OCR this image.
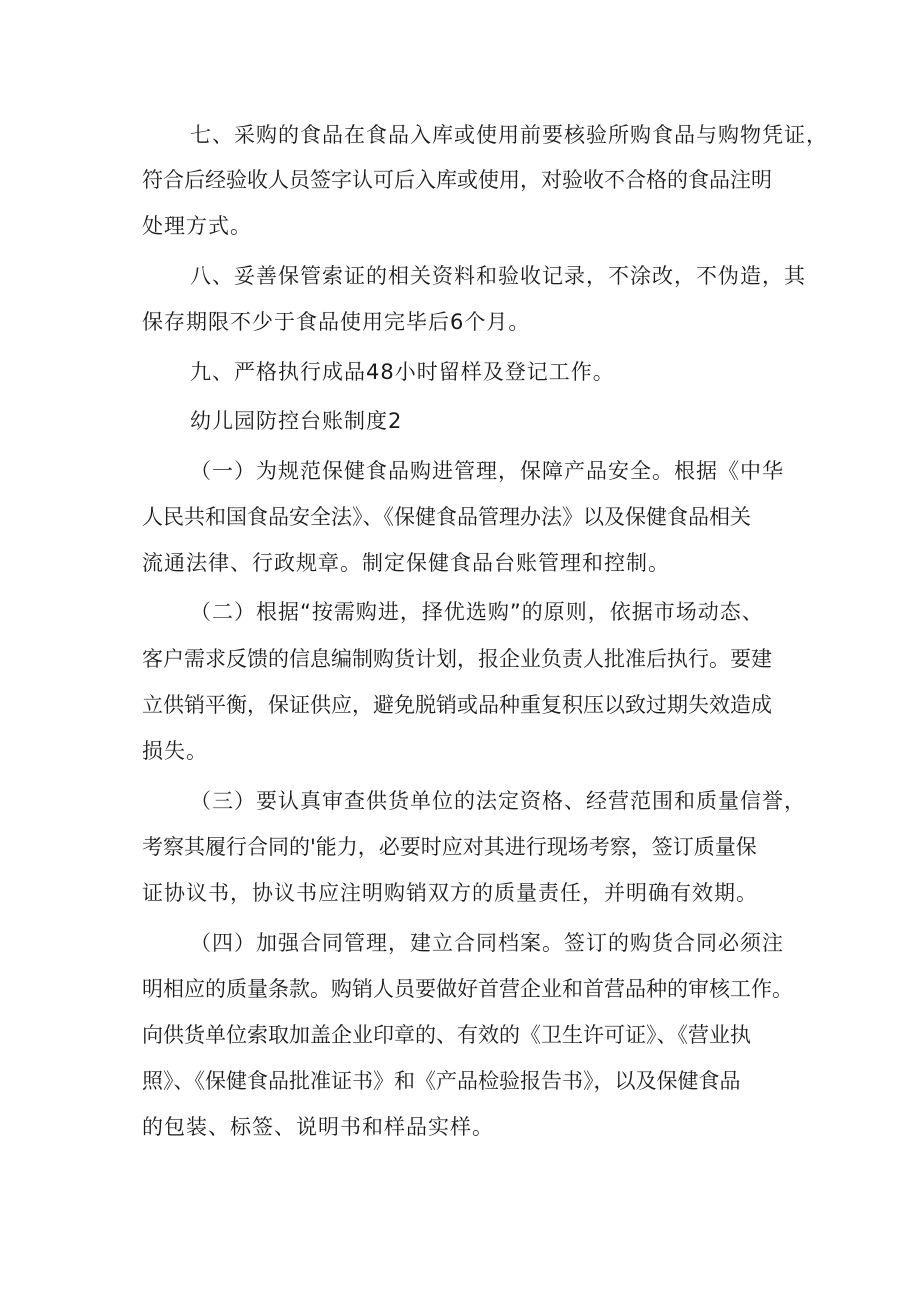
七、采购的食品在食品入库或使用前要核验所购食品与购物凭证，
符合后经验收人员签字认可后入库或使用，对验收不合格的食品注明
处理方式。
八、妥善保管索证的相关资料和验收记录，不涂改，不伪造，其
保存期限不少于食品使用完毕后6个月。
九、严格执行成品48小时留样及登记工作。
幼儿园防控台账制度2
（一）为规范保健食品购进管理，保障产品安全。根据《中华
人民共和国食品安全法》、《保健食品管理办法》以及保健食品相关
流通法律、行政规章。制定保健食品台账管理和控制。
（二）根据“按需购进，择优选购”的原则，依据市场动态、
客户需求反馈的信息编制购货计划，报企业负责人批准后执行。要建
立供销平衡，保证供应，避免脱销或品种重复积压以致过期失效造成
损失。
（三）要认真审查供货单位的法定资格、经营范围和质量信誉，
考察其履行合同的'能力，必要时应对其进行现场考察，签订质量保
证协议书，协议书应注明购销双方的质量责任，并明确有效期。
（四）加强合同管理，建立合同档案。签订的购货合同必须注
明相应的质量条款。购销人员要做好首营企业和首营品种的审核工作。
向供货单位索取加盖企业印章的、有效的《卫生许可证》、《营业执
照》、《保健食品批准证书》和《产品检验报告书》，以及保健食品
的包装、标签、说明书和样品实样。
